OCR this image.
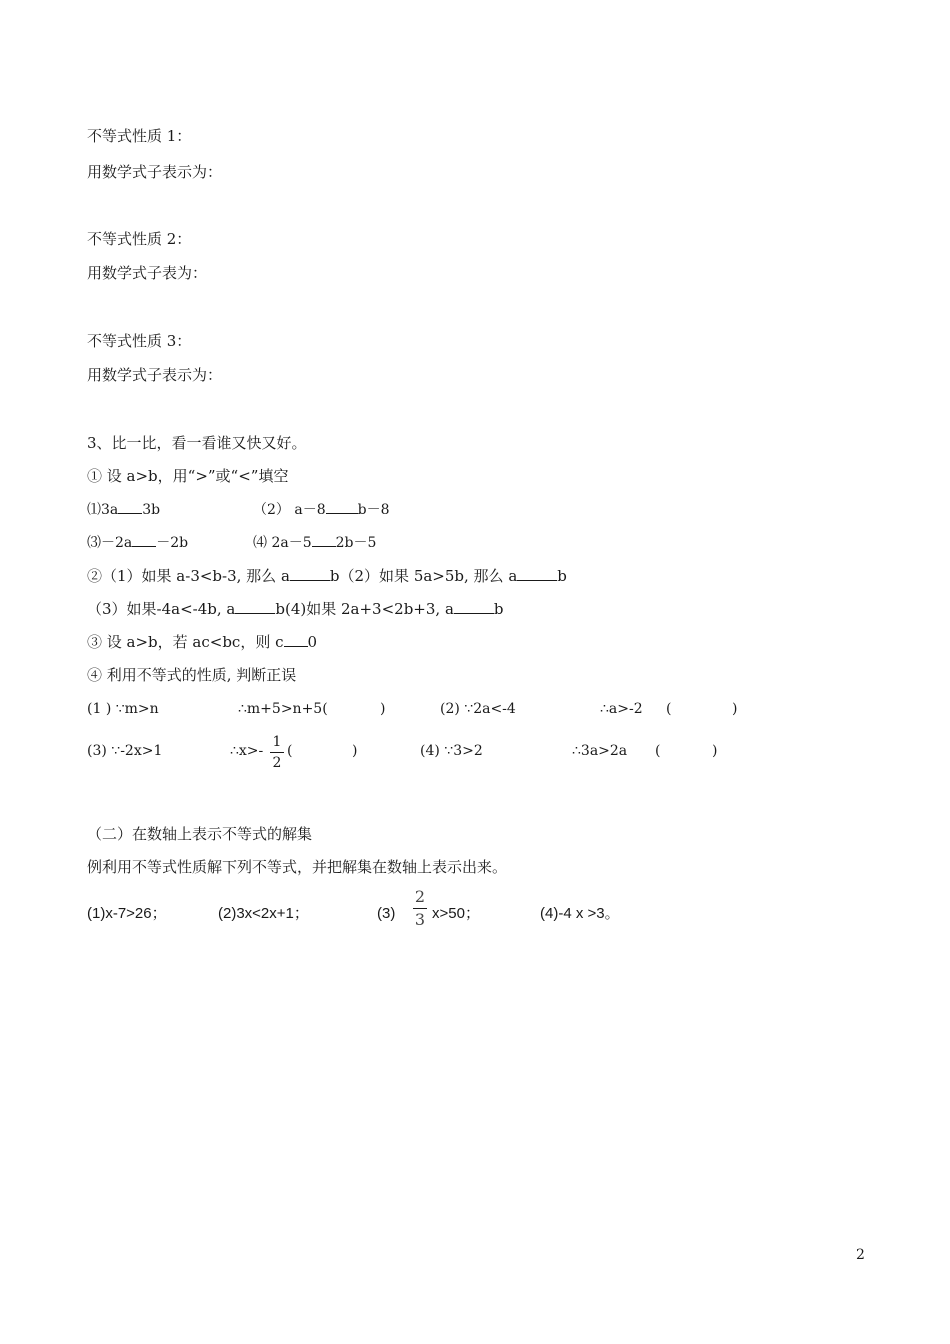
不等式性质 1：
用数学式子表示为：
不等式性质 2：
用数学式子表为：
不等式性质 3：
用数学式子表示为：
3、比一比，看一看谁又快又好。
① 设 a>b，用“>”或“<”填空
⑴3a 3b	（2） a－8 b－8
⑶－2a －2b	⑷ 2a－5 2b－5
②（1）如果 a-3<b-3, 那么 a	b（2）如果 5a>5b, 那么 a	b
（3）如果-4a<-4b, a	b(4)如果 2a+3<2b+3, a	b
③ 设 a>b，若 ac<bc，则 c 0
④ 利用不等式的性质, 判断正误
(1 ) ∵m>n	∴m+5>n+5(	)	(2) ∵2a<-4	∴a>-2 (	)
(3) ∵-2x>1	∴x>-
1
2
(	)	(4) ∵3>2	∴3a>2a (	)
（二）在数轴上表示不等式的解集
例利用不等式性质解下列不等式，并把解集在数轴上表示出来。
(1)x-7>26；	(2)3x<2x+1；	(3)
2
3 x>50；	(4)-4 x >3。
2
